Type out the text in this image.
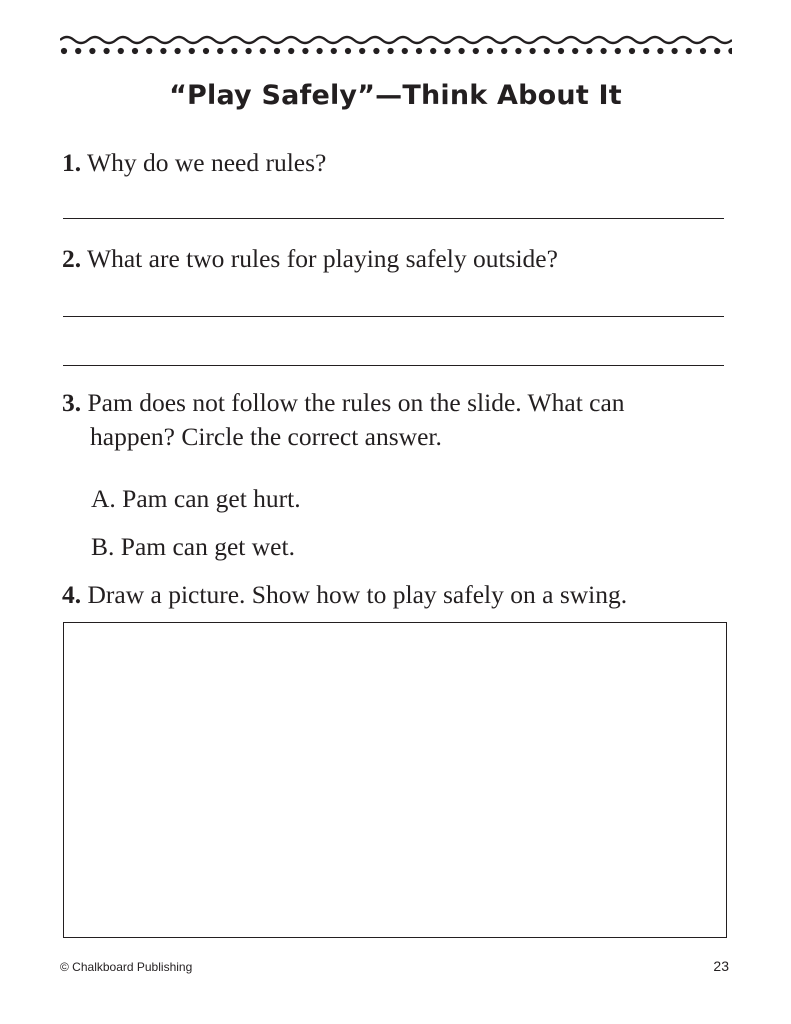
“Play Safely”—Think About It

1. Why do we need rules?

2. What are two rules for playing safely outside?

3. Pam does not follow the rules on the slide. What can
happen? Circle the correct answer.

A. Pam can get hurt.

B. Pam can get wet.

4. Draw a picture. Show how to play safely on a swing.

© Chalkboard Publishing	23
